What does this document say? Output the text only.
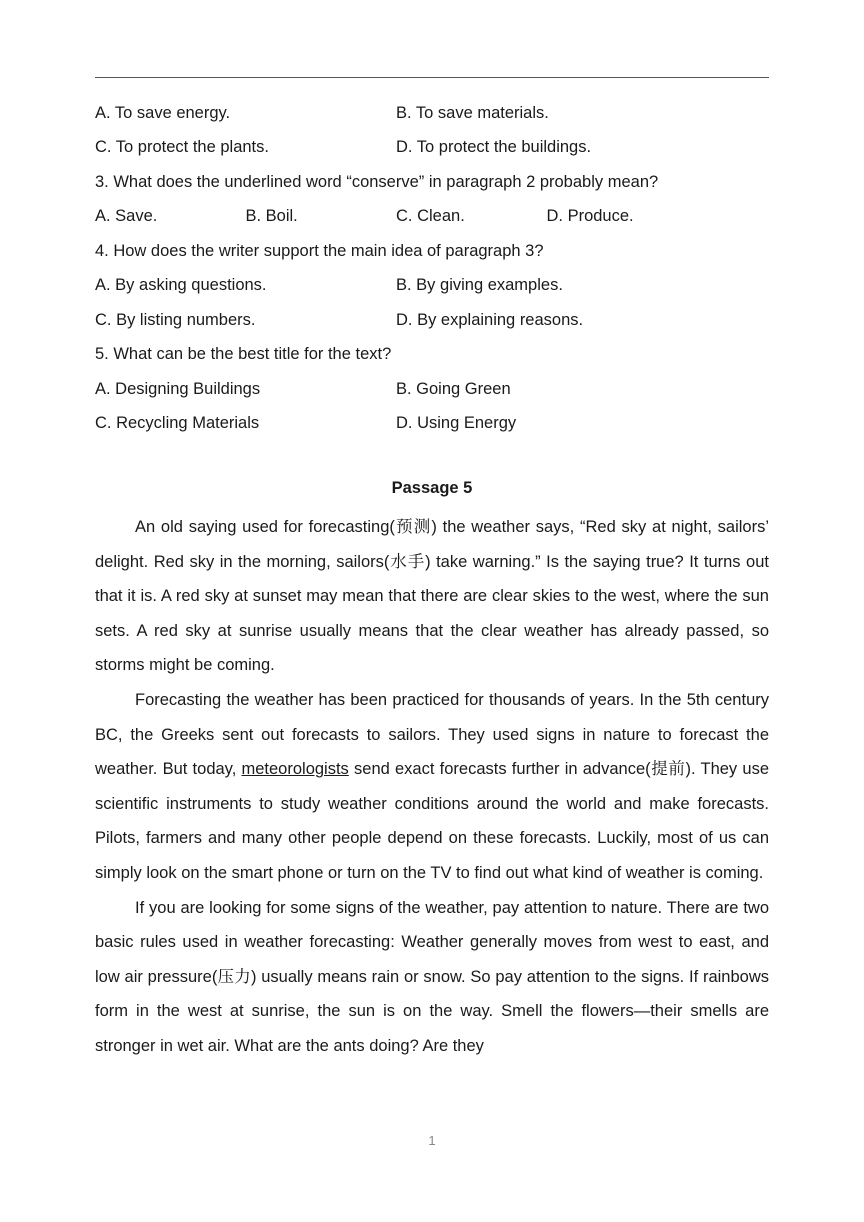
A. To save energy.	B. To save materials.
C. To protect the plants.	D. To protect the buildings.
3. What does the underlined word “conserve” in paragraph 2 probably mean?
A. Save.	B. Boil.	C. Clean.	D. Produce.
4. How does the writer support the main idea of paragraph 3?
A. By asking questions.	B. By giving examples.
C. By listing numbers.	D. By explaining reasons.
5. What can be the best title for the text?
A. Designing Buildings	B. Going Green
C. Recycling Materials	D. Using Energy
Passage 5

An old saying used for forecasting(预测) the weather says, “Red sky at night, sailors’ delight. Red sky in the morning, sailors(水手) take warning.” Is the saying true? It turns out that it is. A red sky at sunset may mean that there are clear skies to the west, where the sun sets. A red sky at sunrise usually means that the clear weather has already passed, so storms might be coming.

Forecasting the weather has been practiced for thousands of years. In the 5th century BC, the Greeks sent out forecasts to sailors. They used signs in nature to forecast the weather. But today, meteorologists send exact forecasts further in advance(提前). They use scientific instruments to study weather conditions around the world and make forecasts. Pilots, farmers and many other people depend on these forecasts. Luckily, most of us can simply look on the smart phone or turn on the TV to find out what kind of weather is coming.

If you are looking for some signs of the weather, pay attention to nature. There are two basic rules used in weather forecasting: Weather generally moves from west to east, and low air pressure(压力) usually means rain or snow. So pay attention to the signs. If rainbows form in the west at sunrise, the sun is on the way. Smell the flowers—their smells are stronger in wet air. What are the ants doing? Are they

1
